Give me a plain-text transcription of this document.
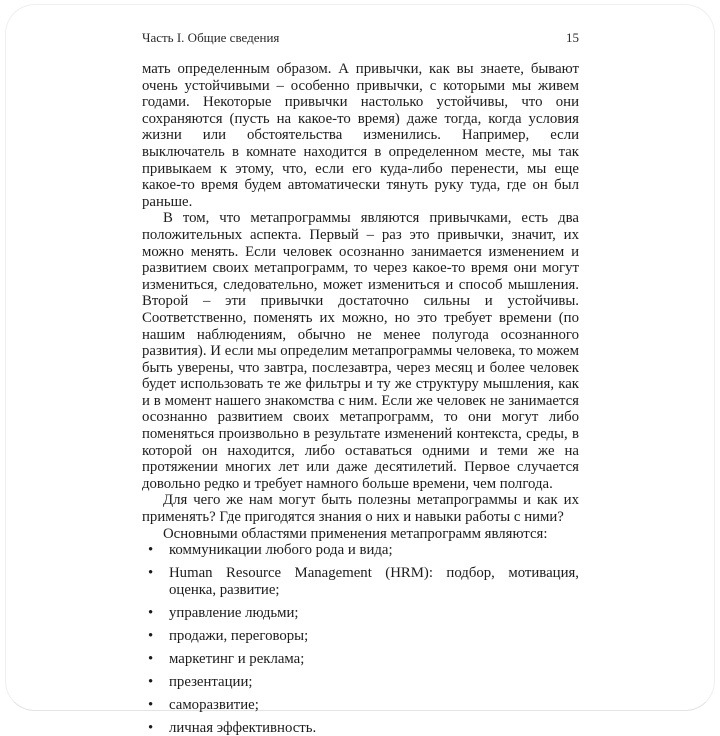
Часть I. Общие сведения	15

мать определенным образом. А привычки, как вы знаете, бывают очень устойчивыми – особенно привычки, с которыми мы живем годами. Некоторые привычки настолько устойчивы, что они сохраняются (пусть на какое-то время) даже тогда, когда условия жизни или обстоятельства изменились. Например, если выключатель в комнате находится в определенном месте, мы так привыкаем к этому, что, если его куда-либо перенести, мы еще какое-то время будем автоматически тянуть руку туда, где он был раньше.

В том, что метапрограммы являются привычками, есть два положительных аспекта. Первый – раз это привычки, значит, их можно менять. Если человек осознанно занимается изменением и развитием своих метапрограмм, то через какое-то время они могут измениться, следовательно, может измениться и способ мышления. Второй – эти привычки достаточно сильны и устойчивы. Соответственно, поменять их можно, но это требует времени (по нашим наблюдениям, обычно не менее полугода осознанного развития). И если мы определим метапрограммы человека, то можем быть уверены, что завтра, послезавтра, через месяц и более человек будет использовать те же фильтры и ту же структуру мышления, как и в момент нашего знакомства с ним. Если же человек не занимается осознанно развитием своих метапрограмм, то они могут либо поменяться произвольно в результате изменений контекста, среды, в которой он находится, либо оставаться одними и теми же на протяжении многих лет или даже десятилетий. Первое случается довольно редко и требует намного больше времени, чем полгода.

Для чего же нам могут быть полезны метапрограммы и как их применять? Где пригодятся знания о них и навыки работы с ними?

Основными областями применения метапрограмм являются:

•	коммуникации любого рода и вида;
•	Human Resource Management (HRM): подбор, мотивация, оценка, развитие;
•	управление людьми;
•	продажи, переговоры;
•	маркетинг и реклама;
•	презентации;
•	саморазвитие;
•	личная эффективность.
